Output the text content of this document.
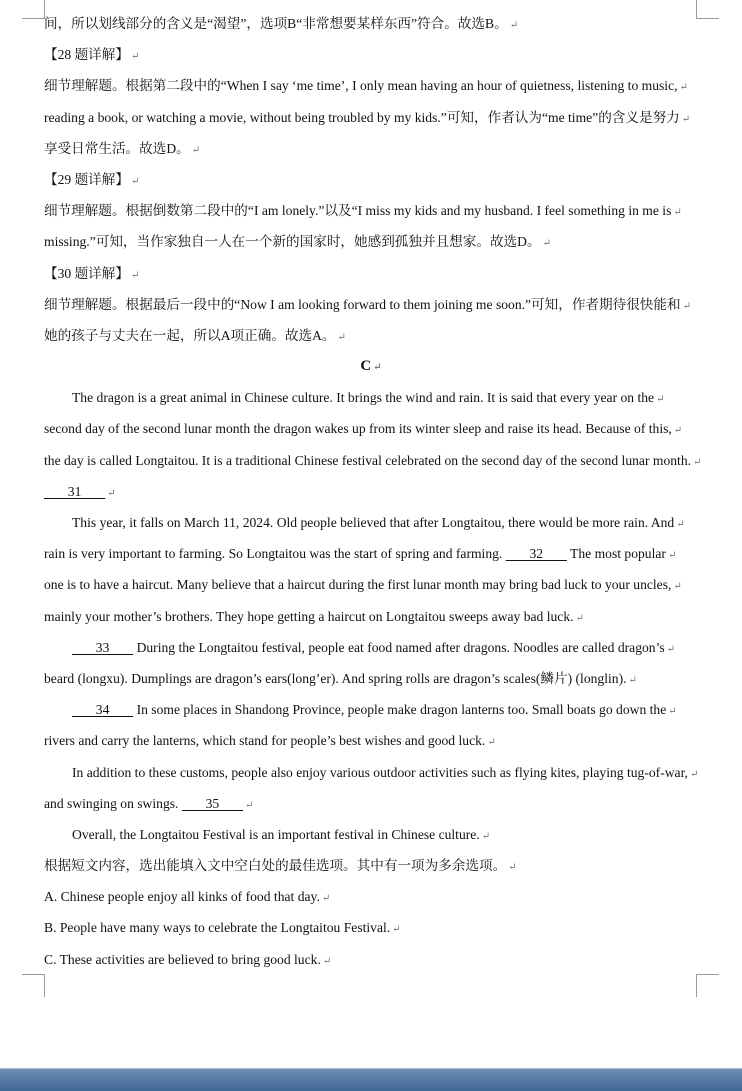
间，所以划线部分的含义是“渴望”，选项B“非常想要某样东西”符合。故选B。 ↵
【28 题详解】 ↵
细节理解题。根据第二段中的“When I say ‘me time’, I only mean having an hour of quietness, listening to music, ↵
reading a book, or watching a movie, without being troubled by my kids.”可知，作者认为“me time”的含义是努力 ↵
享受日常生活。故选D。 ↵
【29 题详解】 ↵
细节理解题。根据倒数第二段中的“I am lonely.”以及“I miss my kids and my husband. I feel something in me is ↵
missing.”可知，当作家独自一人在一个新的国家时，她感到孤独并且想家。故选D。 ↵
【30 题详解】 ↵
细节理解题。根据最后一段中的“Now I am looking forward to them joining me soon.”可知，作者期待很快能和 ↵
她的孩子与丈夫在一起，所以A项正确。故选A。 ↵
C ↵
The dragon is a great animal in Chinese culture. It brings the wind and rain. It is said that every year on the ↵
second day of the second lunar month the dragon wakes up from its winter sleep and raise its head. Because of this, ↵
the day is called Longtaitou. It is a traditional Chinese festival celebrated on the second day of the second lunar month. ↵
31       ↵
This year, it falls on March 11, 2024. Old people believed that after Longtaitou, there would be more rain. And ↵
rain is very important to farming. So Longtaitou was the start of spring and farming.        32        The most popular ↵
one is to have a haircut. Many believe that a haircut during the first lunar month may bring bad luck to your uncles, ↵
mainly your mother’s brothers. They hope getting a haircut on Longtaitou sweeps away bad luck. ↵
33        During the Longtaitou festival, people eat food named after dragons. Noodles are called dragon’s ↵
beard (longxu). Dumplings are dragon’s ears(long’er). And spring rolls are dragon’s scales(鳞片) (longlin). ↵
34        In some places in Shandong Province, people make dragon lanterns too. Small boats go down the ↵
rivers and carry the lanterns, which stand for people’s best wishes and good luck. ↵
In addition to these customs, people also enjoy various outdoor activities such as flying kites, playing tug-of-war, ↵
and swinging on swings.        35       ↵
Overall, the Longtaitou Festival is an important festival in Chinese culture. ↵
根据短文内容，选出能填入文中空白处的最佳选项。其中有一项为多余选项。 ↵
A. Chinese people enjoy all kinks of food that day. ↵
B. People have many ways to celebrate the Longtaitou Festival. ↵
C. These activities are believed to bring good luck. ↵
